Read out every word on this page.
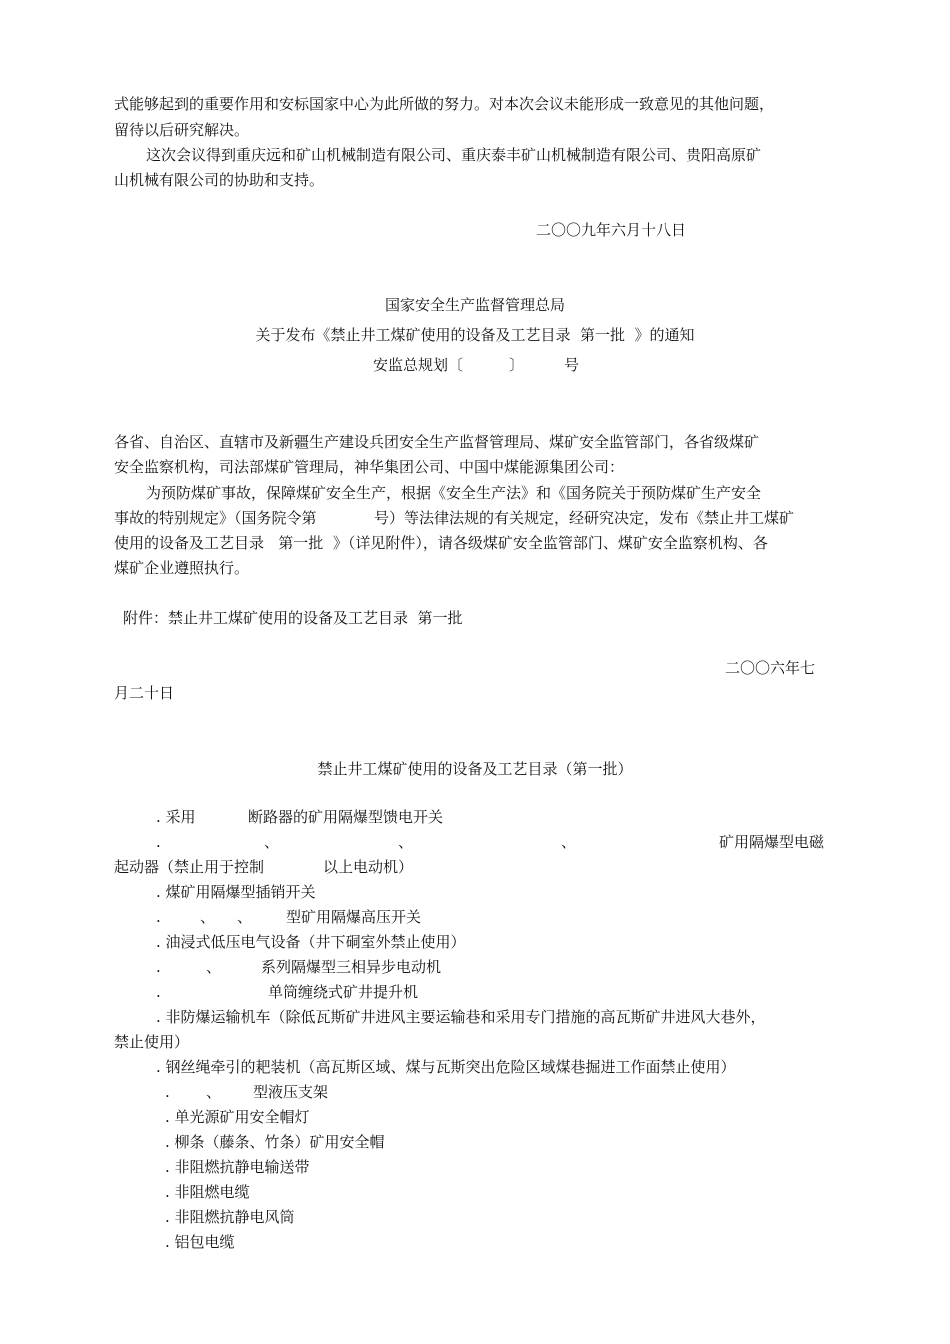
式能够起到的重要作用和安标国家中心为此所做的努力。对本次会议未能形成一致意见的其他问题，
留待以后研究解决。
这次会议得到重庆远和矿山机械制造有限公司、重庆泰丰矿山机械制造有限公司、贵阳高原矿
山机械有限公司的协助和支持。
二〇〇九年六月十八日
国家安全生产监督管理总局
关于发布《禁止井工煤矿使用的设备及工艺目录  第一批  》的通知
安监总规划〔	〕	号
各省、自治区、直辖市及新疆生产建设兵团安全生产监督管理局、煤矿安全监管部门，各省级煤矿
安全监察机构，司法部煤矿管理局，神华集团公司、中国中煤能源集团公司：
为预防煤矿事故，保障煤矿安全生产，根据《安全生产法》和《国务院关于预防煤矿生产安全
事故的特别规定》（国务院令第	号）等法律法规的有关规定，经研究决定，发布《禁止井工煤矿
使用的设备及工艺目录   第一批  》（详见附件），请各级煤矿安全监管部门、煤矿安全监察机构、各
煤矿企业遵照执行。
附件：禁止井工煤矿使用的设备及工艺目录  第一批
二〇〇六年七
月二十日
禁止井工煤矿使用的设备及工艺目录（第一批）
. 采用	断路器的矿用隔爆型馈电开关
.	、	、	、	矿用隔爆型电磁
起动器（禁止用于控制	以上电动机）
. 煤矿用隔爆型插销开关
.	、 、 型矿用隔爆高压开关
. 油浸式低压电气设备（井下硐室外禁止使用）
.	、	系列隔爆型三相异步电动机
.	单筒缠绕式矿井提升机
. 非防爆运输机车（除低瓦斯矿井进风主要运输巷和采用专门措施的高瓦斯矿井进风大巷外，
禁止使用）
. 钢丝绳牵引的耙装机（高瓦斯区域、煤与瓦斯突出危险区域煤巷掘进工作面禁止使用）
. 、 型液压支架
. 单光源矿用安全帽灯
. 柳条（藤条、竹条）矿用安全帽
. 非阻燃抗静电输送带
. 非阻燃电缆
. 非阻燃抗静电风筒
. 铝包电缆
